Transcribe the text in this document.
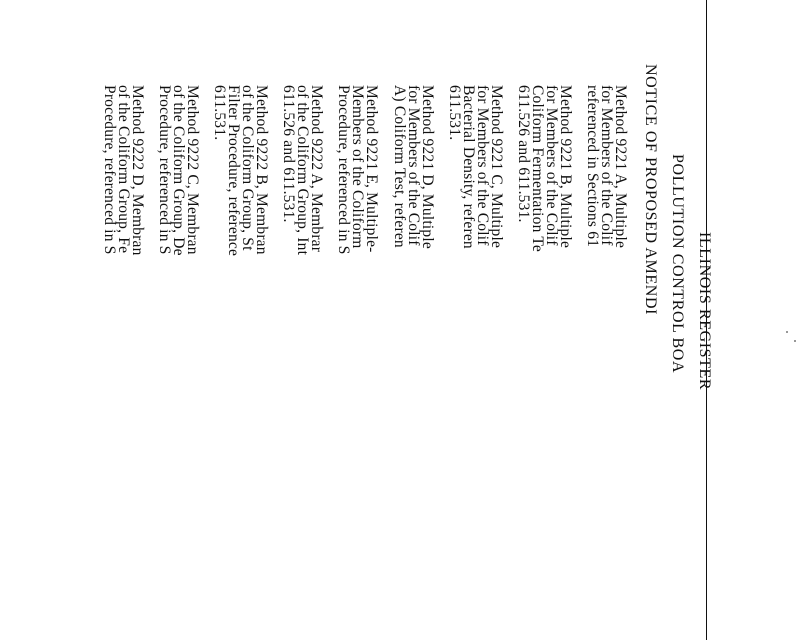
ILLINOIS REGISTER
POLLUTION CONTROL BOA
NOTICE OF PROPOSED AMENDI
Method 9221 A, Multiple
for Members of the Colif
referenced in Sections 61
Method 9221 B, Multiple
for Members of the Colif
Coliform Fermentation Te
611.526 and 611.531.
Method 9221 C, Multiple
for Members of the Colif
Bacterial Density, referen
611.531.
Method 9221 D, Multiple
for Members of the Colif
A) Coliform Test, referen
Method 9221 E, Multiple-
Members of the Coliform
Procedure, referenced in S
Method 9222 A, Membrar
of the Coliform Group, Int
611.526 and 611.531.
Method 9222 B, Membran
of the Coliform Group, St
Filter Procedure, reference
611.531.
Method 9222 C, Membran
of the Coliform Group, De
Procedure, referenced in S
Method 9222 D, Membran
of the Coliform Group, Fe
Procedure, referenced in S
